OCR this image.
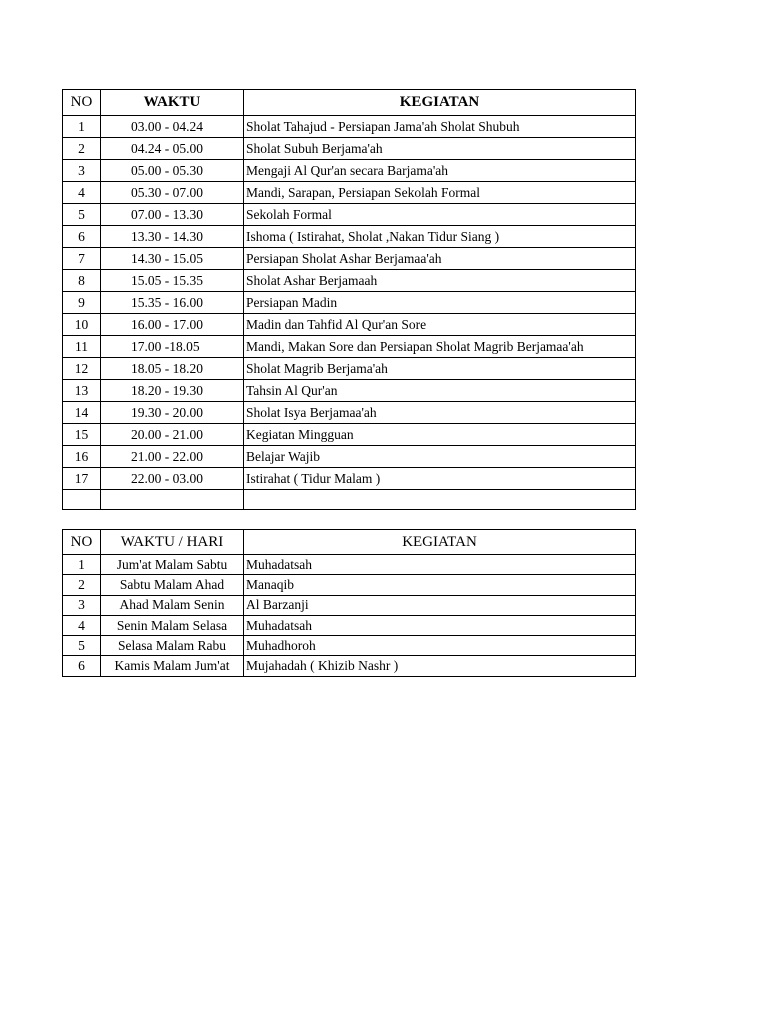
NO	WAKTU	KEGIATAN
1	03.00 - 04.24	Sholat Tahajud - Persiapan Jama'ah Sholat Shubuh
2	04.24 - 05.00	Sholat Subuh Berjama'ah
3	05.00 - 05.30	Mengaji Al Qur'an secara Barjama'ah
4	05.30 - 07.00	Mandi, Sarapan, Persiapan Sekolah Formal
5	07.00 - 13.30	Sekolah Formal
6	13.30 - 14.30	Ishoma ( Istirahat, Sholat ,Nakan Tidur Siang )
7	14.30 - 15.05	Persiapan Sholat Ashar Berjamaa'ah
8	15.05 - 15.35	Sholat Ashar Berjamaah
9	15.35 - 16.00	Persiapan Madin
10	16.00 - 17.00	Madin dan Tahfid Al Qur'an Sore
11	17.00 -18.05	Mandi, Makan Sore dan Persiapan Sholat Magrib Berjamaa'ah
12	18.05 - 18.20	Sholat Magrib Berjama'ah
13	18.20 - 19.30	Tahsin Al Qur'an
14	19.30 - 20.00	Sholat Isya Berjamaa'ah
15	20.00 - 21.00	Kegiatan Mingguan
16	21.00 - 22.00	Belajar Wajib
17	22.00 - 03.00	Istirahat ( Tidur Malam )

NO	WAKTU / HARI	KEGIATAN
1	Jum'at Malam Sabtu	Muhadatsah
2	Sabtu Malam Ahad	Manaqib
3	Ahad Malam Senin	Al Barzanji
4	Senin Malam Selasa	Muhadatsah
5	Selasa Malam Rabu	Muhadhoroh
6	Kamis Malam Jum'at	Mujahadah ( Khizib Nashr )
